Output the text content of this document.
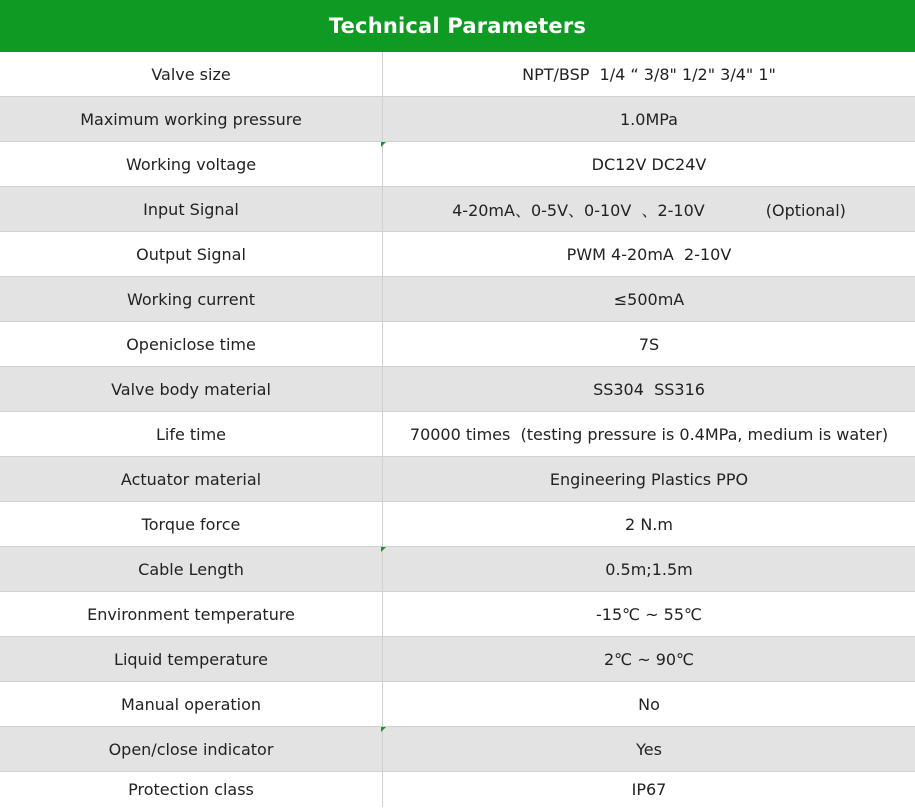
Technical Parameters
Valve size	NPT/BSP  1/4 “ 3/8" 1/2" 3/4" 1"
Maximum working pressure	1.0MPa
Working voltage	DC12V DC24V
Input Signal	4-20mA、0-5V、0-10V  、2-10V            (Optional)
Output Signal	PWM 4-20mA  2-10V
Working current	≤500mA
Openiclose time	7S
Valve body material	SS304  SS316
Life time	70000 times  (testing pressure is 0.4MPa, medium is water)
Actuator material	Engineering Plastics PPO
Torque force	2 N.m
Cable Length	0.5m;1.5m
Environment temperature	-15℃ ~ 55℃
Liquid temperature	2℃ ~ 90℃
Manual operation	No
Open/close indicator	Yes
Protection class	IP67
